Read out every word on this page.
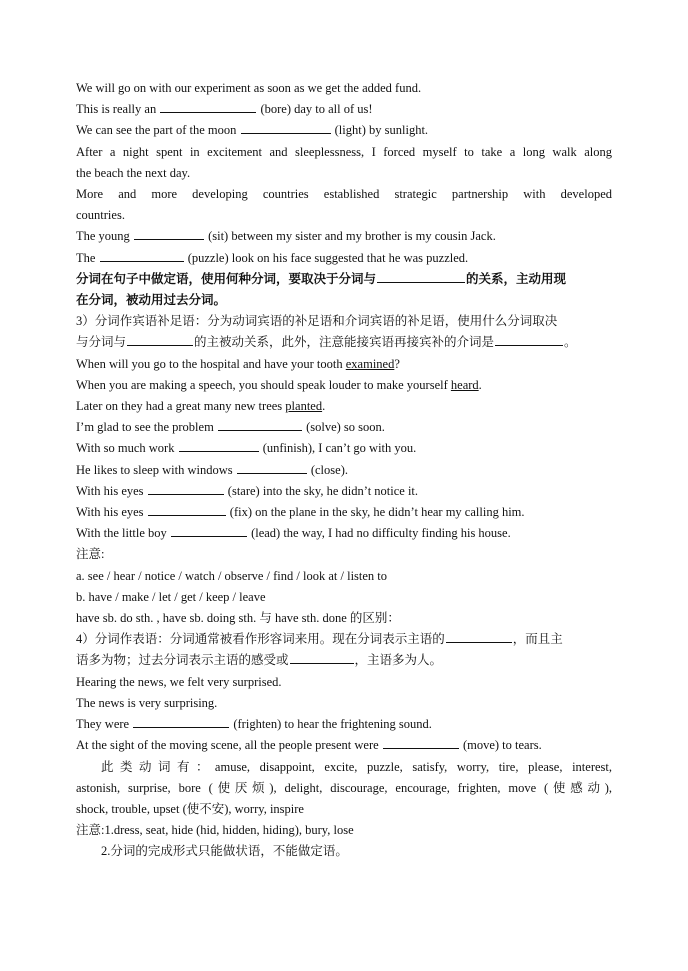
We will go on with our experiment as soon as we get the added fund.
This is really an	(bore) day to all of us!
We can see the part of the moon	(light) by sunlight.
After a night spent in excitement and sleeplessness, I forced myself to take a long walk along
the beach the next day.
More and more developing countries established strategic partnership with developed
countries.
The young	(sit) between my sister and my brother is my cousin Jack.
The	(puzzle) look on his face suggested that he was puzzled.
分词在句子中做定语，使用何种分词，要取决于分词与	的关系，主动用现
在分词，被动用过去分词。
3）分词作宾语补足语：分为动词宾语的补足语和介词宾语的补足语，使用什么分词取决
与分词与	的主被动关系，此外，注意能接宾语再接宾补的介词是	。
When will you go to the hospital and have your tooth examined?
When you are making a speech, you should speak louder to make yourself heard.
Later on they had a great many new trees planted.
I’m glad to see the problem	(solve) so soon.
With so much work	(unfinish), I can’t go with you.
He likes to sleep with windows	(close).
With his eyes	(stare) into the sky, he didn’t notice it.
With his eyes	(fix) on the plane in the sky, he didn’t hear my calling him.
With the little boy	(lead) the way, I had no difficulty finding his house.
注意:
a. see / hear / notice / watch / observe / find / look at / listen to
b. have / make / let / get / keep / leave
have sb. do sth. , have sb. doing sth. 与 have sth. done 的区别：
4）分词作表语：分词通常被看作形容词来用。现在分词表示主语的	，而且主
语多为物；过去分词表示主语的感受或	，主语多为人。
Hearing the news, we felt very surprised.
The news is very surprising.
They were	(frighten) to hear the frightening sound.
At the sight of the moving scene, all the people present were	(move) to tears.
此类动词有：amuse, disappoint, excite, puzzle, satisfy, worry, tire, please, interest,
astonish, surprise, bore (使厌烦), delight, discourage, encourage, frighten, move (使感动),
shock, trouble, upset (使不安), worry, inspire
注意:1.dress, seat, hide (hid, hidden, hiding), bury, lose
2.分词的完成形式只能做状语，不能做定语。
